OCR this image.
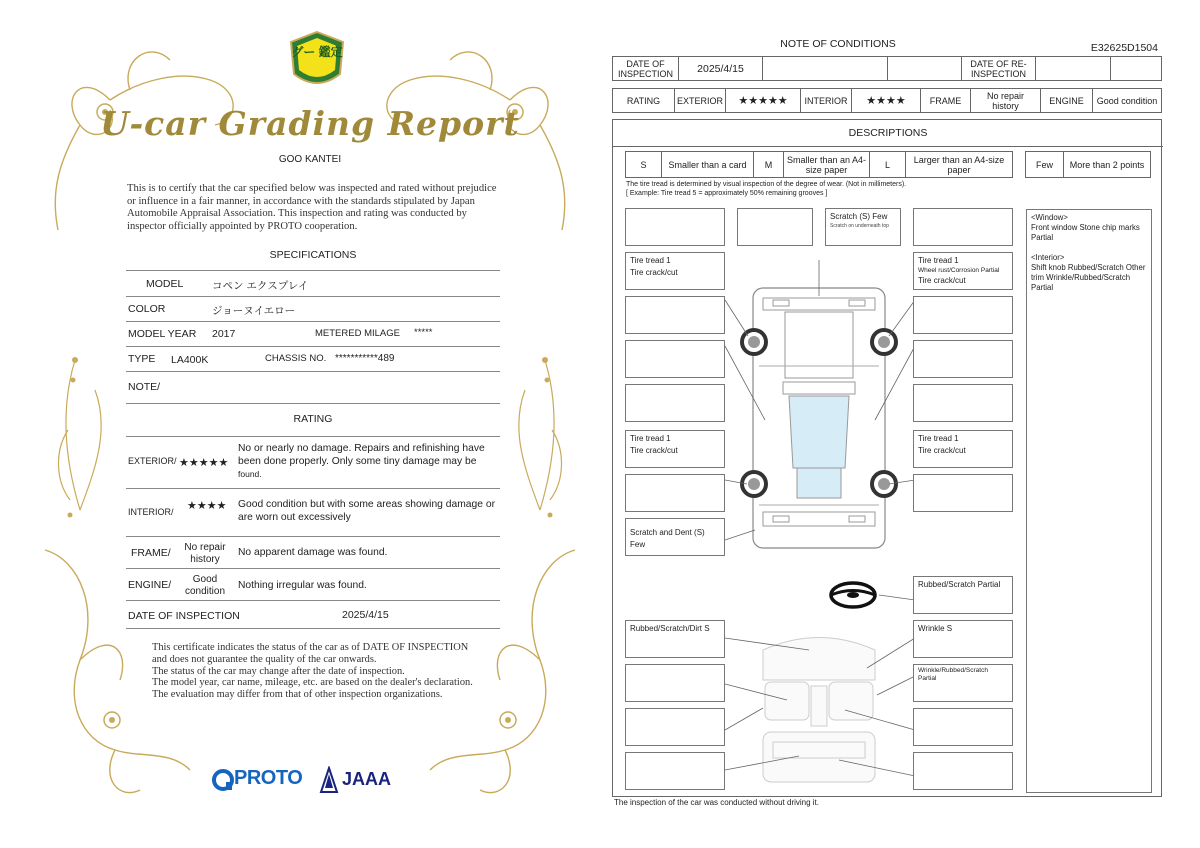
グー 鑑定
U-car Grading Report
GOO KANTEI
This is to certify that the car specified below was inspected and rated without prejudice or influence in a fair manner, in accordance with the standards stipulated by Japan Automobile Appraisal Association. This inspection and rating was conducted by inspector officially appointed by PROTO cooperation.
SPECIFICATIONS
MODEL	コペン エクスプレイ
COLOR	ジョーヌイエロー
MODEL YEAR 2017	METERED MILAGE *****
TYPE LA400K	CHASSIS NO. ***********489
NOTE/
RATING
EXTERIOR/ ★★★★★
No or nearly no damage. Repairs and refinishing have been done properly. Only some tiny damage may be
found.
INTERIOR/ ★★★★ Good condition but with some areas showing damage or are worn out excessively
FRAME/	No repair history
No apparent damage was found.
ENGINE/	Good condition
Nothing irregular was found.
DATE OF INSPECTION	2025/4/15
This certificate indicates the status of the car as of DATE OF INSPECTION and does not guarantee the quality of the car onwards.
The status of the car may change after the date of inspection.
The model year, car name, mileage, etc. are based on the dealer's declaration.
The evaluation may differ from that of other inspection organizations.
PROTO JAAA
NOTE OF CONDITIONS	E32625D1504
DATE OF INSPECTION	2025/4/15			DATE OF RE-INSPECTION		
RATING	EXTERIOR	★★★★★	INTERIOR	★★★★	FRAME	No repair history	ENGINE	Good condition
DESCRIPTIONS
S	Smaller than a card	M	Smaller than an A4-size paper	L	Larger than an A4-size paper	Few	More than 2 points
The tire tread is determined by visual inspection of the degree of wear. (Not in millimeters).
[ Example: Tire tread 5 = approximately 50% remaining grooves ]
Tire tread 1
Tire crack/cut
Tire tread 1
Tire crack/cut
Scratch and Dent (S) Few
Rubbed/Scratch/Dirt S
Scratch (S) Few
Scratch on underneath top
Tire tread 1
Wheel rust/Corrosion Partial
Tire crack/cut
Tire tread 1
Tire crack/cut
Rubbed/Scratch Partial
Wrinkle S
Wrinkle/Rubbed/Scratch Partial
<Window>
Front window Stone chip marks Partial
<Interior>
Shift knob Rubbed/Scratch Other trim Wrinkle/Rubbed/Scratch Partial
The inspection of the car was conducted without driving it.
